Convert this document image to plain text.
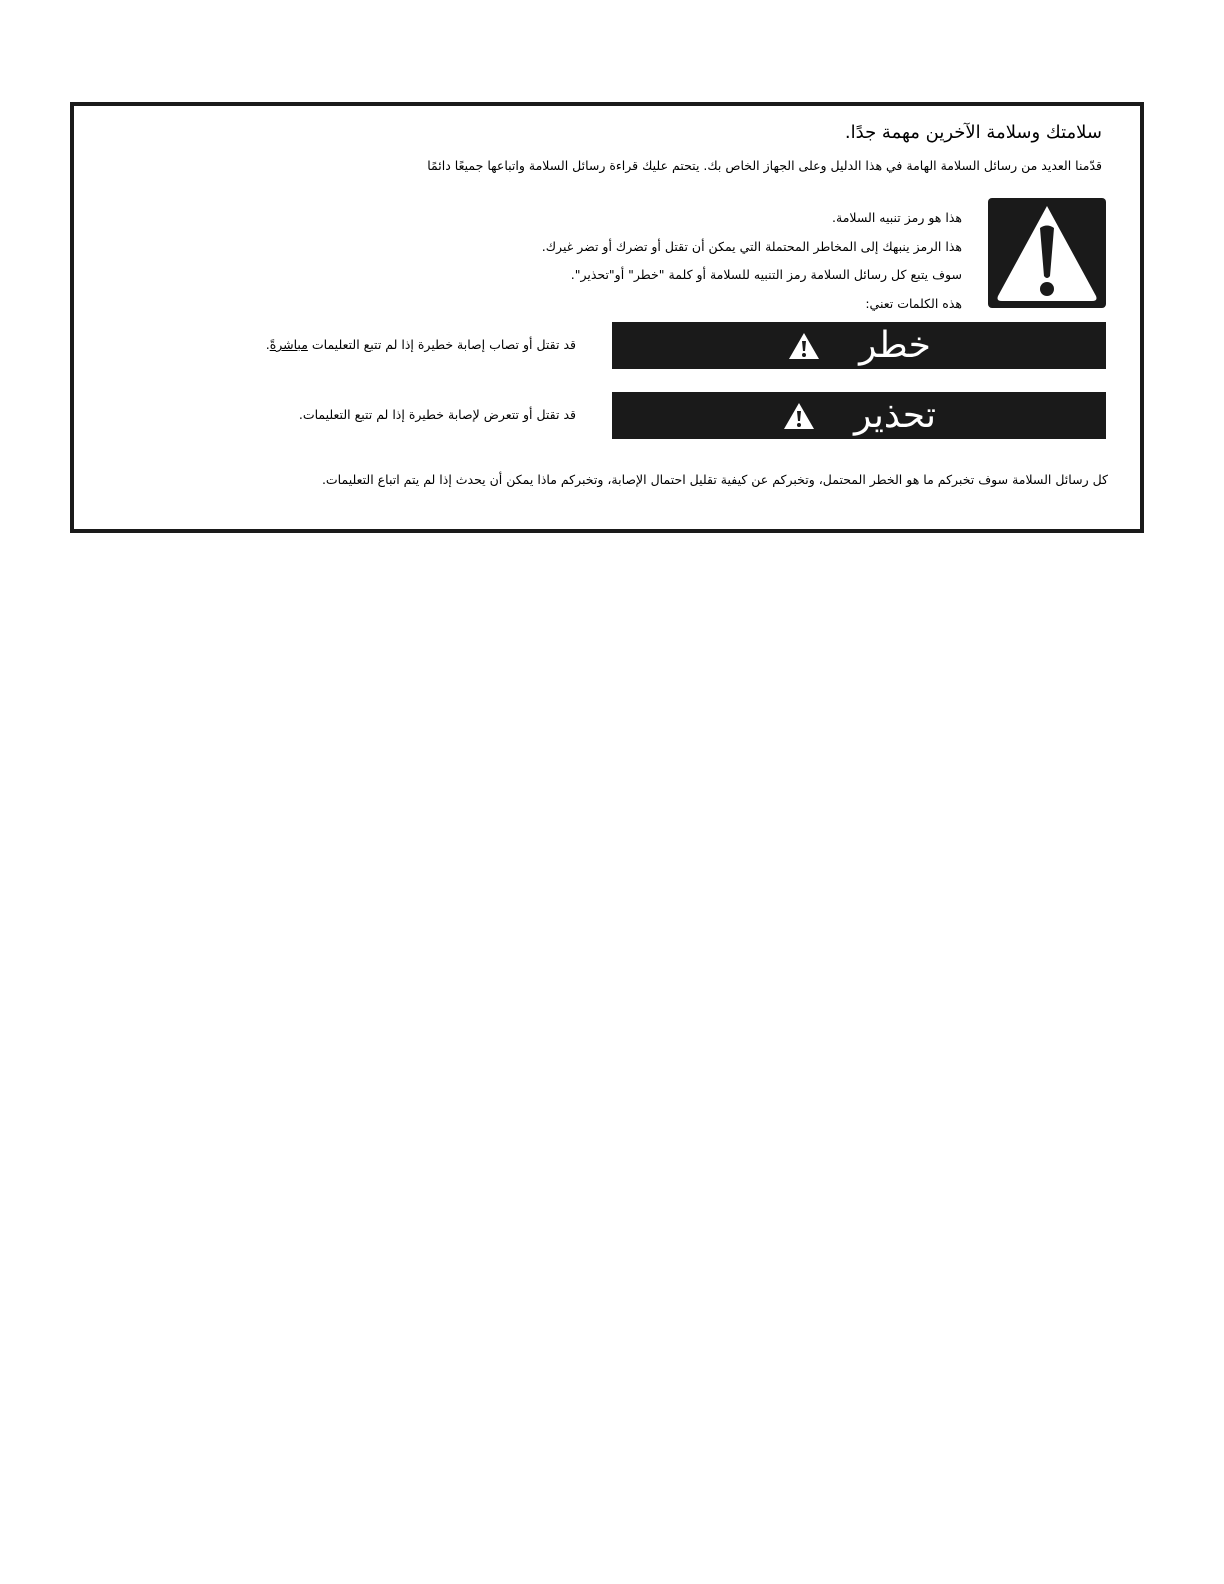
سلامتك وسلامة الآخرين مهمة جدًا.
قدّمنا العديد من رسائل السلامة الهامة في هذا الدليل وعلى الجهاز الخاص بك. يتحتم عليك قراءة رسائل السلامة واتباعها جميعًا دائمًا
هذا هو رمز تنبيه السلامة.
هذا الرمز ينبهك إلى المخاطر المحتملة التي يمكن أن تقتل أو تضرك أو تضر غيرك.
سوف يتبع كل رسائل السلامة رمز التنبيه للسلامة أو كلمة "خطر" أو"تحذير".
هذه الكلمات تعني:
خطر
قد تقتل أو تصاب إصابة خطيرة إذا لم تتبع التعليمات مباشرةً.
تحذير
قد تقتل أو تتعرض لإصابة خطيرة إذا لم تتبع التعليمات.
كل رسائل السلامة سوف تخبركم ما هو الخطر المحتمل، وتخبركم عن كيفية تقليل احتمال الإصابة، وتخبركم ماذا يمكن أن يحدث إذا لم يتم اتباع التعليمات.
